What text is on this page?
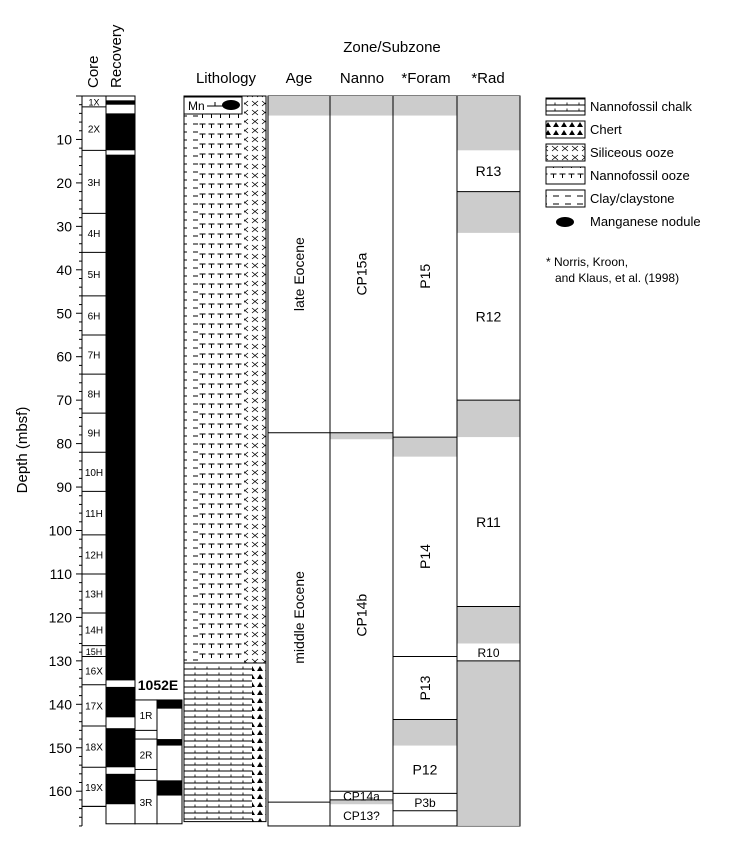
Zone/Subzone
Lithology Age Nanno *Foram *Rad
Core Recovery
Depth (mbsf)
10
20
30
40
50
60
70
80
90
100
110
120
130
140
150
160
1X
2X
3H
4H
5H
6H
7H
8H
9H
10H
11H
12H
13H
14H
15H
16X
17X
18X
19X
1R
2R
3R
1052E
Mn
late Eocene
middle Eocene
CP15a
CP14b
CP14a
CP13?
P15
P14
P13
P12
P3b
R13
R12
R11
R10
Nannofossil chalk
Chert
Siliceous ooze
Nannofossil ooze
Clay/claystone
Manganese nodule
* Norris, Kroon,
and Klaus, et al. (1998)
